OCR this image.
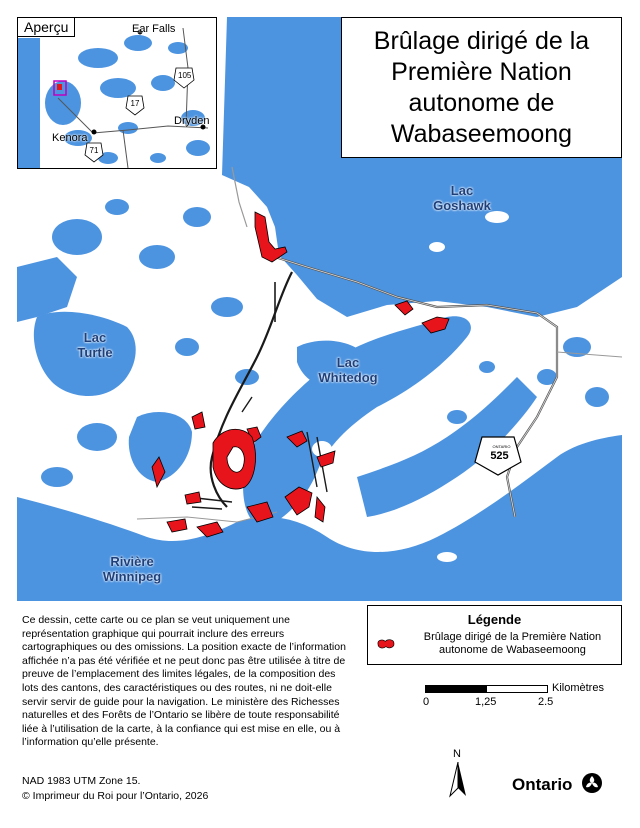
Lac
Goshawk
Lac
Turtle
Lac
Whitedog
Rivière
Winnipeg
ONTARIO
525
Brûlage dirigé de la Première Nation autonome de Wabaseemoong
Aperçu	Ear Falls
Kenora
Dryden
105
17
71
Ce dessin, cette carte ou ce plan se veut uniquement une représentation graphique qui pourrait inclure des erreurs cartographiques ou des omissions. La position exacte de l’information affichée n’a pas été vérifiée et ne peut donc pas être utilisée à titre de preuve de l’emplacement des limites légales, de la composition des lots des cantons, des caractéristiques ou des routes, ni ne doit-elle servir servir de guide pour la navigation. Le ministère des Richesses naturelles et des Forêts de l’Ontario se libère de toute responsabilité liée à l’utilisation de la carte, à la confiance qui est mise en elle, ou à l’information qu’elle présente.
NAD 1983 UTM Zone 15.
© Imprimeur du Roi pour l’Ontario, 2026
Légende
Brûlage dirigé de la Première Nation autonome de Wabaseemoong
Kilomètres
0	1,25	2.5
N
Ontario
